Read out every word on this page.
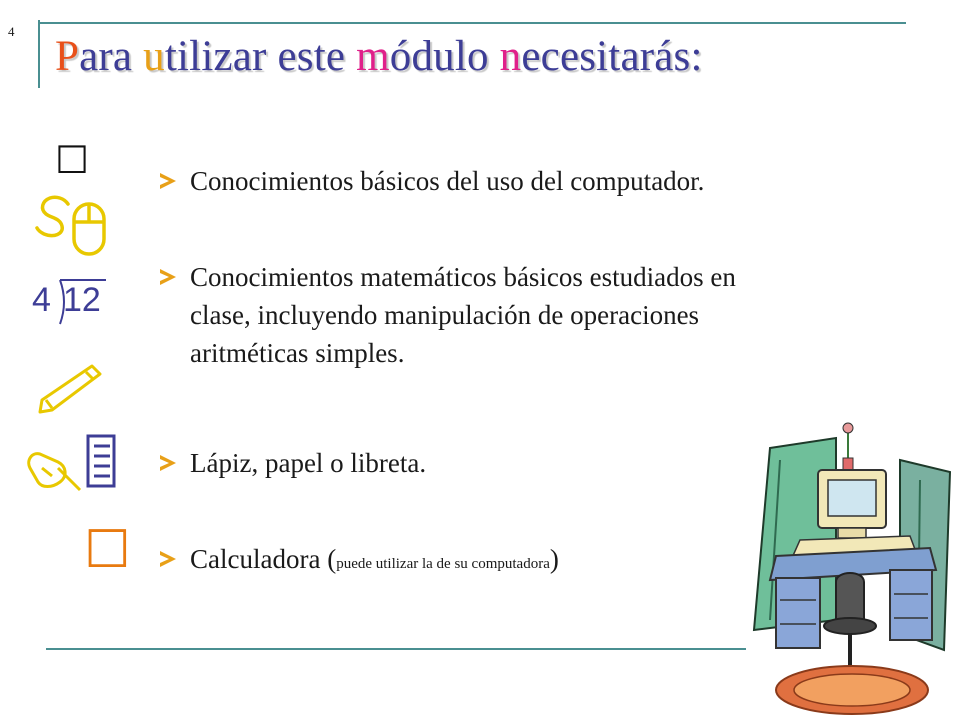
4
Para utilizar este módulo necesitarás:
☐
4 12
☐
Conocimientos básicos del uso del computador.
Conocimientos matemáticos básicos estudiados en
clase, incluyendo manipulación de operaciones
aritméticas simples.
Lápiz, papel o libreta.
Calculadora (puede utilizar la de su computadora)
